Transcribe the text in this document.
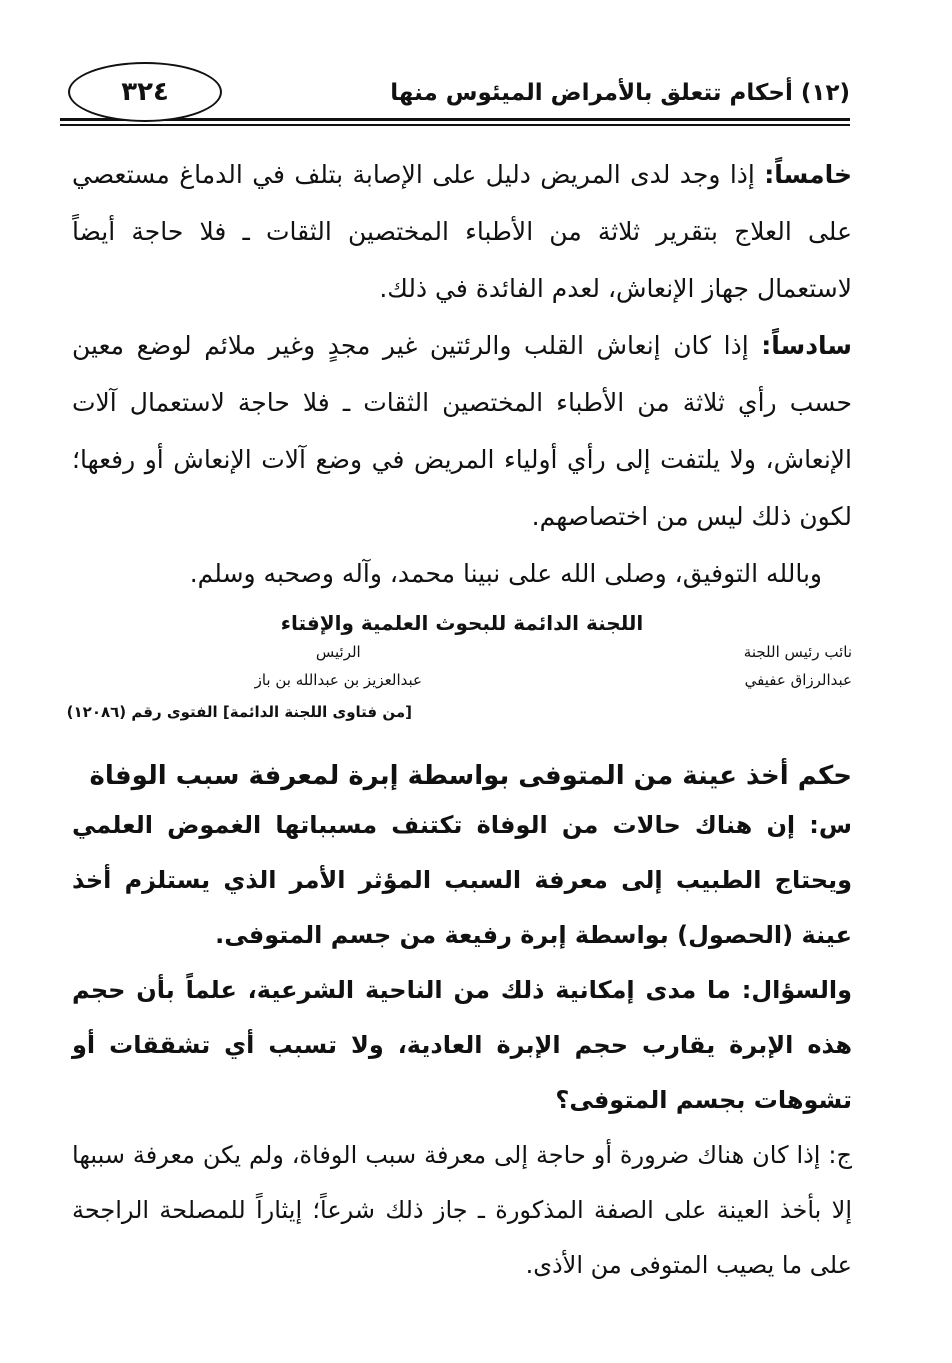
(١٢) أحكام تتعلق بالأمراض الميئوس منها
٣٢٤

خامساً: إذا وجد لدى المريض دليل على الإصابة بتلف في الدماغ مستعصي على العلاج بتقرير ثلاثة من الأطباء المختصين الثقات ـ فلا حاجة أيضاً لاستعمال جهاز الإنعاش، لعدم الفائدة في ذلك.

سادساً: إذا كان إنعاش القلب والرئتين غير مجدٍ وغير ملائم لوضع معين حسب رأي ثلاثة من الأطباء المختصين الثقات ـ فلا حاجة لاستعمال آلات الإنعاش، ولا يلتفت إلى رأي أولياء المريض في وضع آلات الإنعاش أو رفعها؛ لكون ذلك ليس من اختصاصهم.

وبالله التوفيق، وصلى الله على نبينا محمد، وآله وصحبه وسلم.

اللجنة الدائمة للبحوث العلمية والإفتاء
نائب رئيس اللجنة
عبدالرزاق عفيفي
الرئيس
عبدالعزيز بن عبدالله بن باز
[من فتاوى اللجنة الدائمة] الفتوى رقم (١٢٠٨٦)
حكم أخذ عينة من المتوفى بواسطة إبرة لمعرفة سبب الوفاة

س: إن هناك حالات من الوفاة تكتنف مسبباتها الغموض العلمي ويحتاج الطبيب إلى معرفة السبب المؤثر الأمر الذي يستلزم أخذ عينة (الحصول) بواسطة إبرة رفيعة من جسم المتوفى.

والسؤال: ما مدى إمكانية ذلك من الناحية الشرعية، علماً بأن حجم هذه الإبرة يقارب حجم الإبرة العادية، ولا تسبب أي تشققات أو تشوهات بجسم المتوفى؟

ج: إذا كان هناك ضرورة أو حاجة إلى معرفة سبب الوفاة، ولم يكن معرفة سببها إلا بأخذ العينة على الصفة المذكورة ـ جاز ذلك شرعاً؛ إيثاراً للمصلحة الراجحة على ما يصيب المتوفى من الأذى.
